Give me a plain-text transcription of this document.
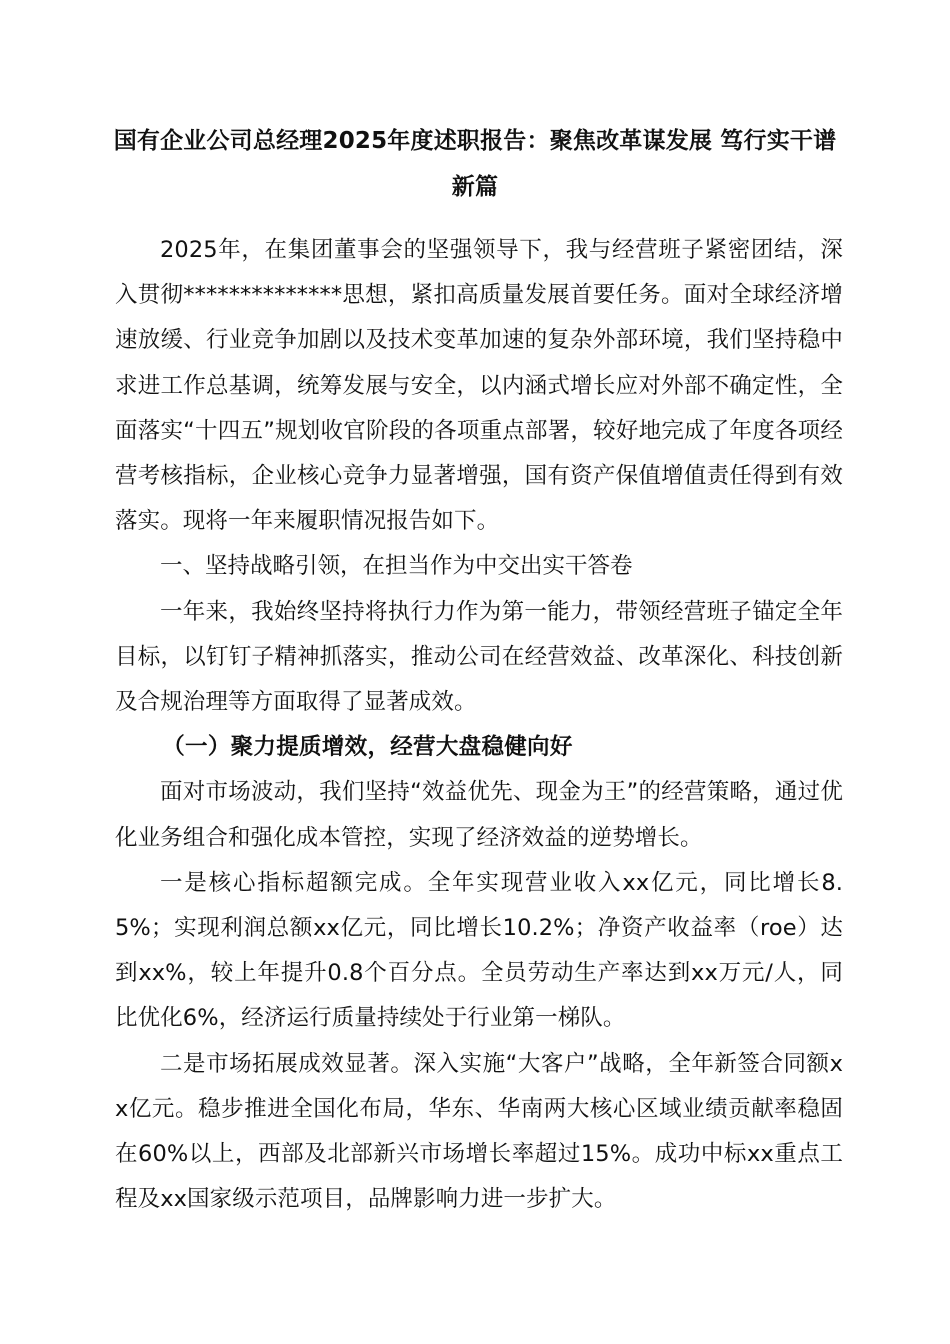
国有企业公司总经理2025年度述职报告：聚焦改革谋发展 笃行实干谱新篇

2025年，在集团董事会的坚强领导下，我与经营班子紧密团结，深入贯彻**************思想，紧扣高质量发展首要任务。面对全球经济增速放缓、行业竞争加剧以及技术变革加速的复杂外部环境，我们坚持稳中求进工作总基调，统筹发展与安全，以内涵式增长应对外部不确定性，全面落实“十四五”规划收官阶段的各项重点部署，较好地完成了年度各项经营考核指标，企业核心竞争力显著增强，国有资产保值增值责任得到有效落实。现将一年来履职情况报告如下。

一、坚持战略引领，在担当作为中交出实干答卷

一年来，我始终坚持将执行力作为第一能力，带领经营班子锚定全年目标，以钉钉子精神抓落实，推动公司在经营效益、改革深化、科技创新及合规治理等方面取得了显著成效。

（一）聚力提质增效，经营大盘稳健向好

面对市场波动，我们坚持“效益优先、现金为王”的经营策略，通过优化业务组合和强化成本管控，实现了经济效益的逆势增长。

一是核心指标超额完成。全年实现营业收入xx亿元，同比增长8.5%；实现利润总额xx亿元，同比增长10.2%；净资产收益率（roe）达到xx%，较上年提升0.8个百分点。全员劳动生产率达到xx万元/人，同比优化6%，经济运行质量持续处于行业第一梯队。

二是市场拓展成效显著。深入实施“大客户”战略，全年新签合同额xx亿元。稳步推进全国化布局，华东、华南两大核心区域业绩贡献率稳固在60%以上，西部及北部新兴市场增长率超过15%。成功中标xx重点工程及xx国家级示范项目，品牌影响力进一步扩大。
